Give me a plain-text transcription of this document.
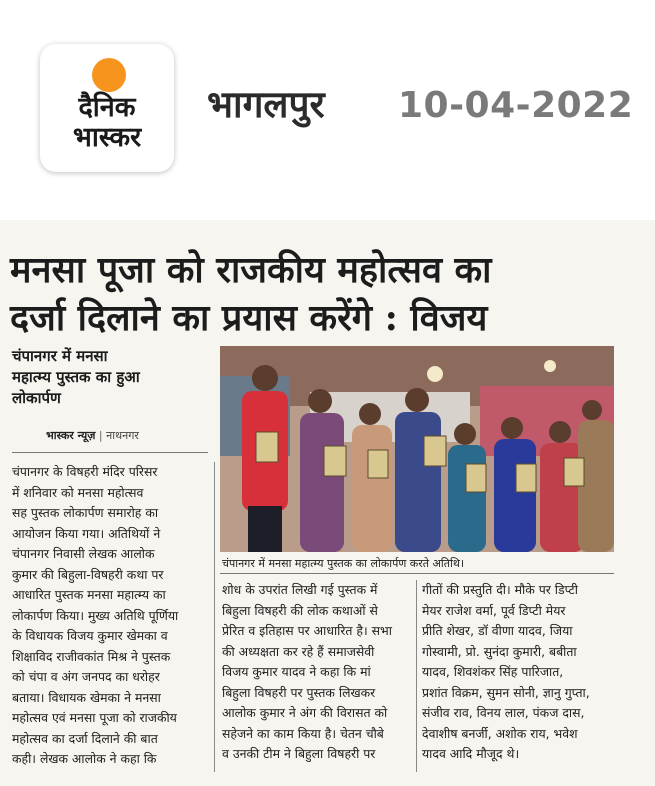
दैनिक
भास्कर
भागलपुर 10-04-2022
मनसा पूजा को राजकीय महोत्सव का
दर्जा दिलाने का प्रयास करेंगे : विजय
चंपानगर में मनसा
महात्म्य पुस्तक का हुआ
लोकार्पण
भास्कर न्यूज़ | नाथनगर
चंपानगर में मनसा महात्म्य पुस्तक का लोकार्पण करते अतिथि।
चंपानगर के विषहरी मंदिर परिसर
में शनिवार को मनसा महोत्सव
सह पुस्तक लोकार्पण समारोह का
आयोजन किया गया। अतिथियों ने
चंपानगर निवासी लेखक आलोक
कुमार की बिहुला-विषहरी कथा पर
आधारित पुस्तक मनसा महात्म्य का
लोकार्पण किया। मुख्य अतिथि पूर्णिया
के विधायक विजय कुमार खेमका व
शिक्षाविद राजीवकांत मिश्र ने पुस्तक
को चंपा व अंग जनपद का धरोहर
बताया। विधायक खेमका ने मनसा
महोत्सव एवं मनसा पूजा को राजकीय
महोत्सव का दर्जा दिलाने की बात
कही। लेखक आलोक ने कहा कि
शोध के उपरांत लिखी गई पुस्तक में
बिहुला विषहरी की लोक कथाओं से
प्रेरित व इतिहास पर आधारित है। सभा
की अध्यक्षता कर रहे हैं समाजसेवी
विजय कुमार यादव ने कहा कि मां
बिहुला विषहरी पर पुस्तक लिखकर
आलोक कुमार ने अंग की विरासत को
सहेजने का काम किया है। चेतन चौबे
व उनकी टीम ने बिहुला विषहरी पर
गीतों की प्रस्तुति दी। मौके पर डिप्टी
मेयर राजेश वर्मा, पूर्व डिप्टी मेयर
प्रीति शेखर, डॉ वीणा यादव, जिया
गोस्वामी, प्रो. सुनंदा कुमारी, बबीता
यादव, शिवशंकर सिंह पारिजात,
प्रशांत विक्रम, सुमन सोनी, ज्ञानु गुप्ता,
संजीव राव, विनय लाल, पंकज दास,
देवाशीष बनर्जी, अशोक राय, भवेश
यादव आदि मौजूद थे।
